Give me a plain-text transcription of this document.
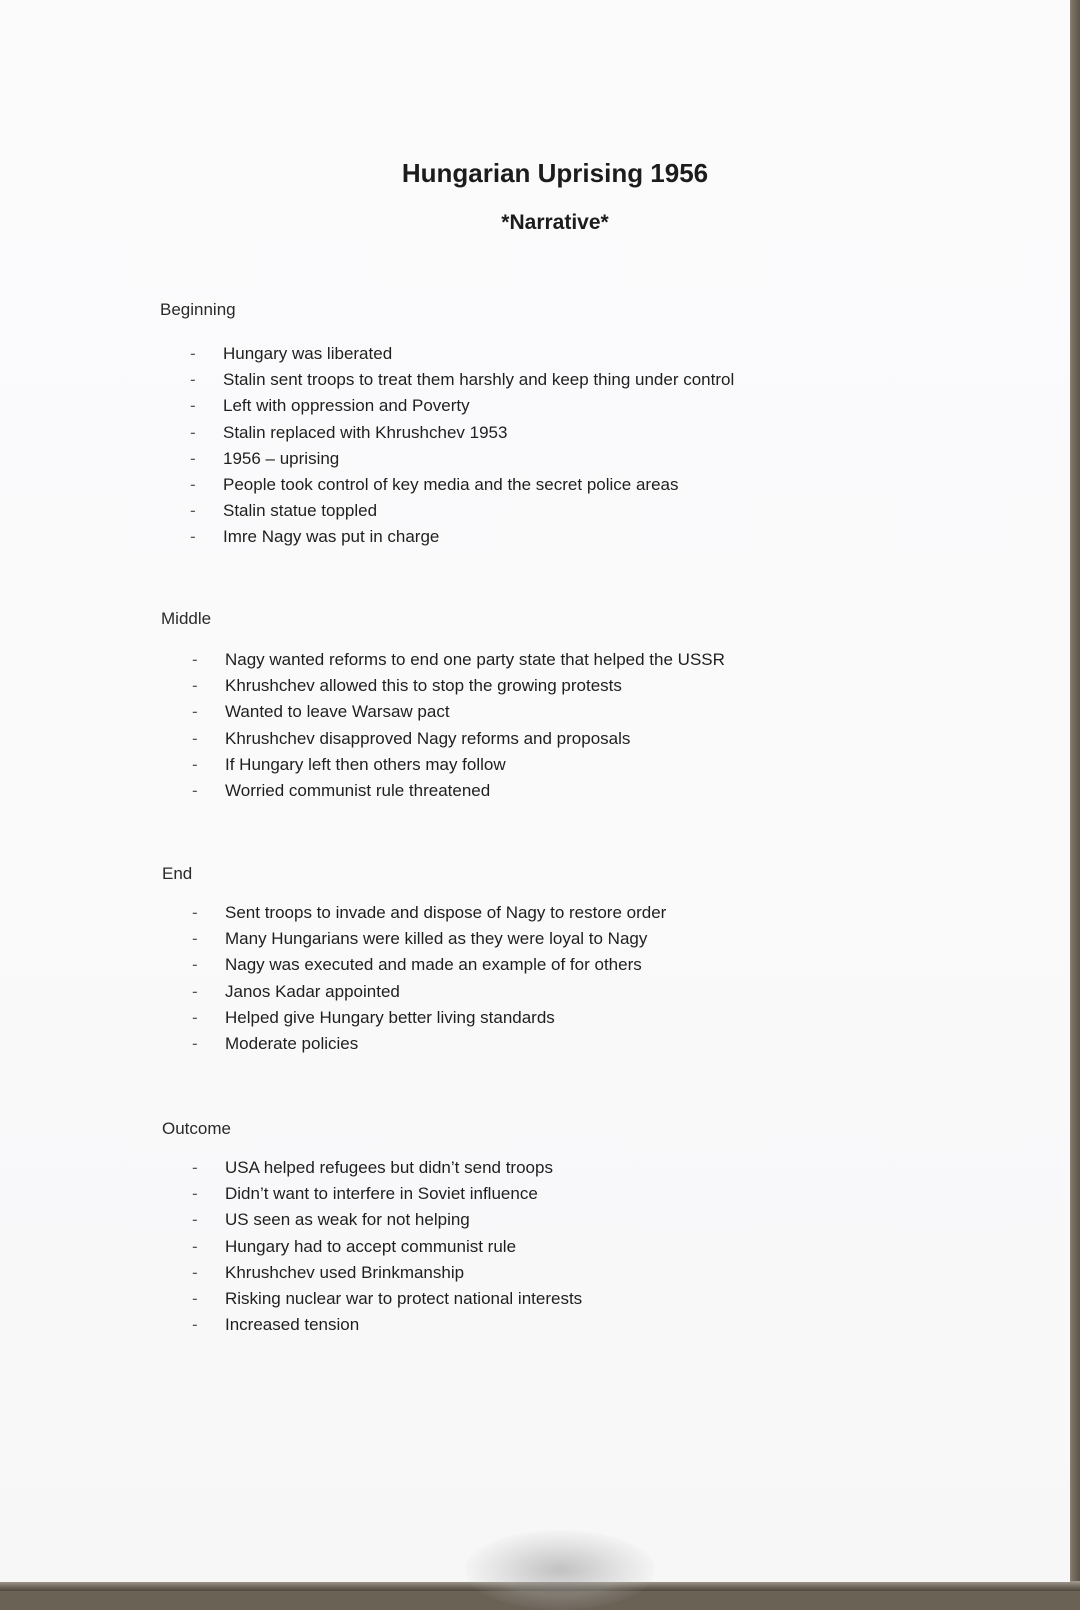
Hungarian Uprising 1956
*Narrative*

Beginning

- Hungary was liberated
- Stalin sent troops to treat them harshly and keep thing under control
- Left with oppression and Poverty
- Stalin replaced with Khrushchev 1953
- 1956 – uprising
- People took control of key media and the secret police areas
- Stalin statue toppled
- Imre Nagy was put in charge

Middle

- Nagy wanted reforms to end one party state that helped the USSR
- Khrushchev allowed this to stop the growing protests
- Wanted to leave Warsaw pact
- Khrushchev disapproved Nagy reforms and proposals
- If Hungary left then others may follow
- Worried communist rule threatened

End

- Sent troops to invade and dispose of Nagy to restore order
- Many Hungarians were killed as they were loyal to Nagy
- Nagy was executed and made an example of for others
- Janos Kadar appointed
- Helped give Hungary better living standards
- Moderate policies

Outcome

- USA helped refugees but didn’t send troops
- Didn’t want to interfere in Soviet influence
- US seen as weak for not helping
- Hungary had to accept communist rule
- Khrushchev used Brinkmanship
- Risking nuclear war to protect national interests
- Increased tension
